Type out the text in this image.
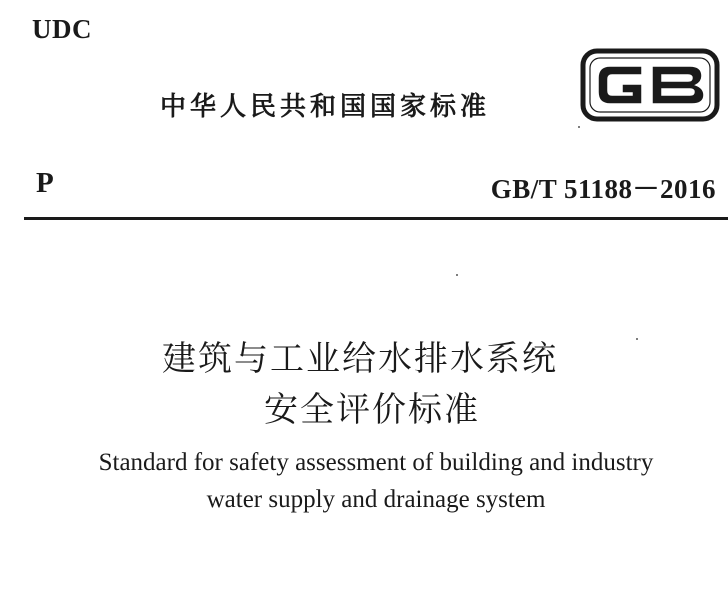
UDC
中华人民共和国国家标准
P	GB/T 51188－2016
建筑与工业给水排水系统
安全评价标准
Standard for safety assessment of building and industry
water supply and drainage system
